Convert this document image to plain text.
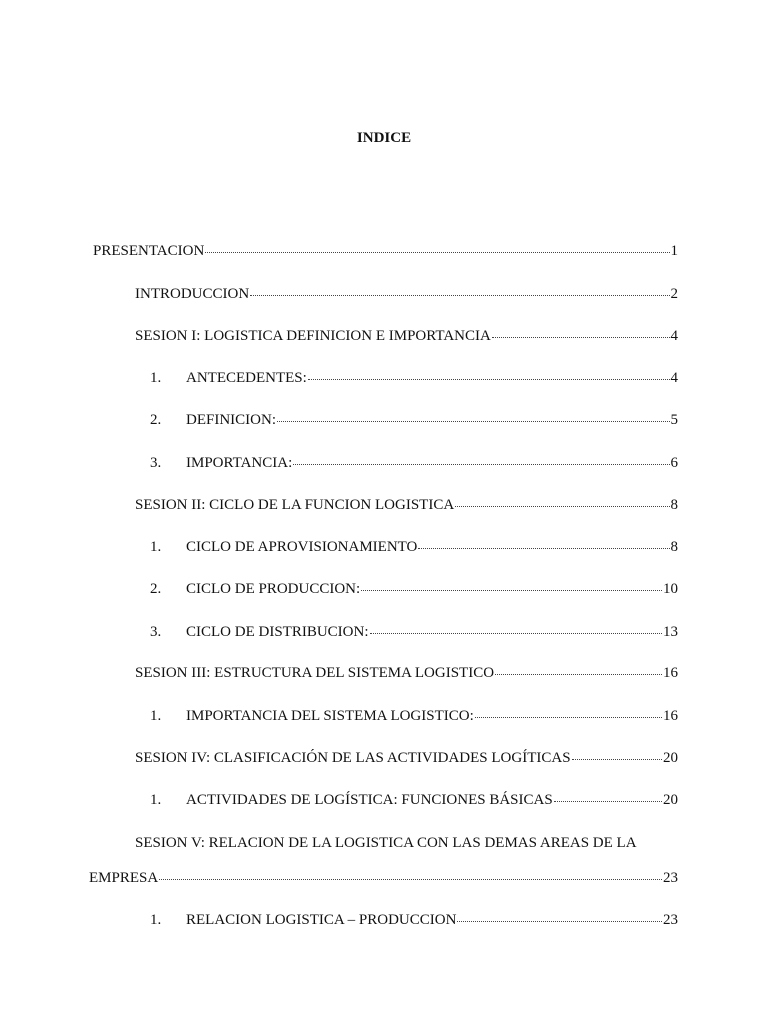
INDICE
PRESENTACION	1
INTRODUCCION	2
SESION I: LOGISTICA DEFINICION E IMPORTANCIA	4
1.	ANTECEDENTES:	4
2.	DEFINICION:	5
3.	IMPORTANCIA:	6
SESION II: CICLO DE LA FUNCION LOGISTICA	8
1.	CICLO DE APROVISIONAMIENTO	8
2.	CICLO DE PRODUCCION:	10
3.	CICLO DE DISTRIBUCION:	13
SESION III: ESTRUCTURA DEL SISTEMA LOGISTICO	16
1.	IMPORTANCIA DEL SISTEMA LOGISTICO:	16
SESION IV: CLASIFICACIÓN DE LAS ACTIVIDADES LOGÍTICAS	20
1.	ACTIVIDADES DE LOGÍSTICA: FUNCIONES BÁSICAS	20
SESION V: RELACION DE LA LOGISTICA CON LAS DEMAS AREAS DE LA
EMPRESA	23
1.	RELACION LOGISTICA – PRODUCCION	23
